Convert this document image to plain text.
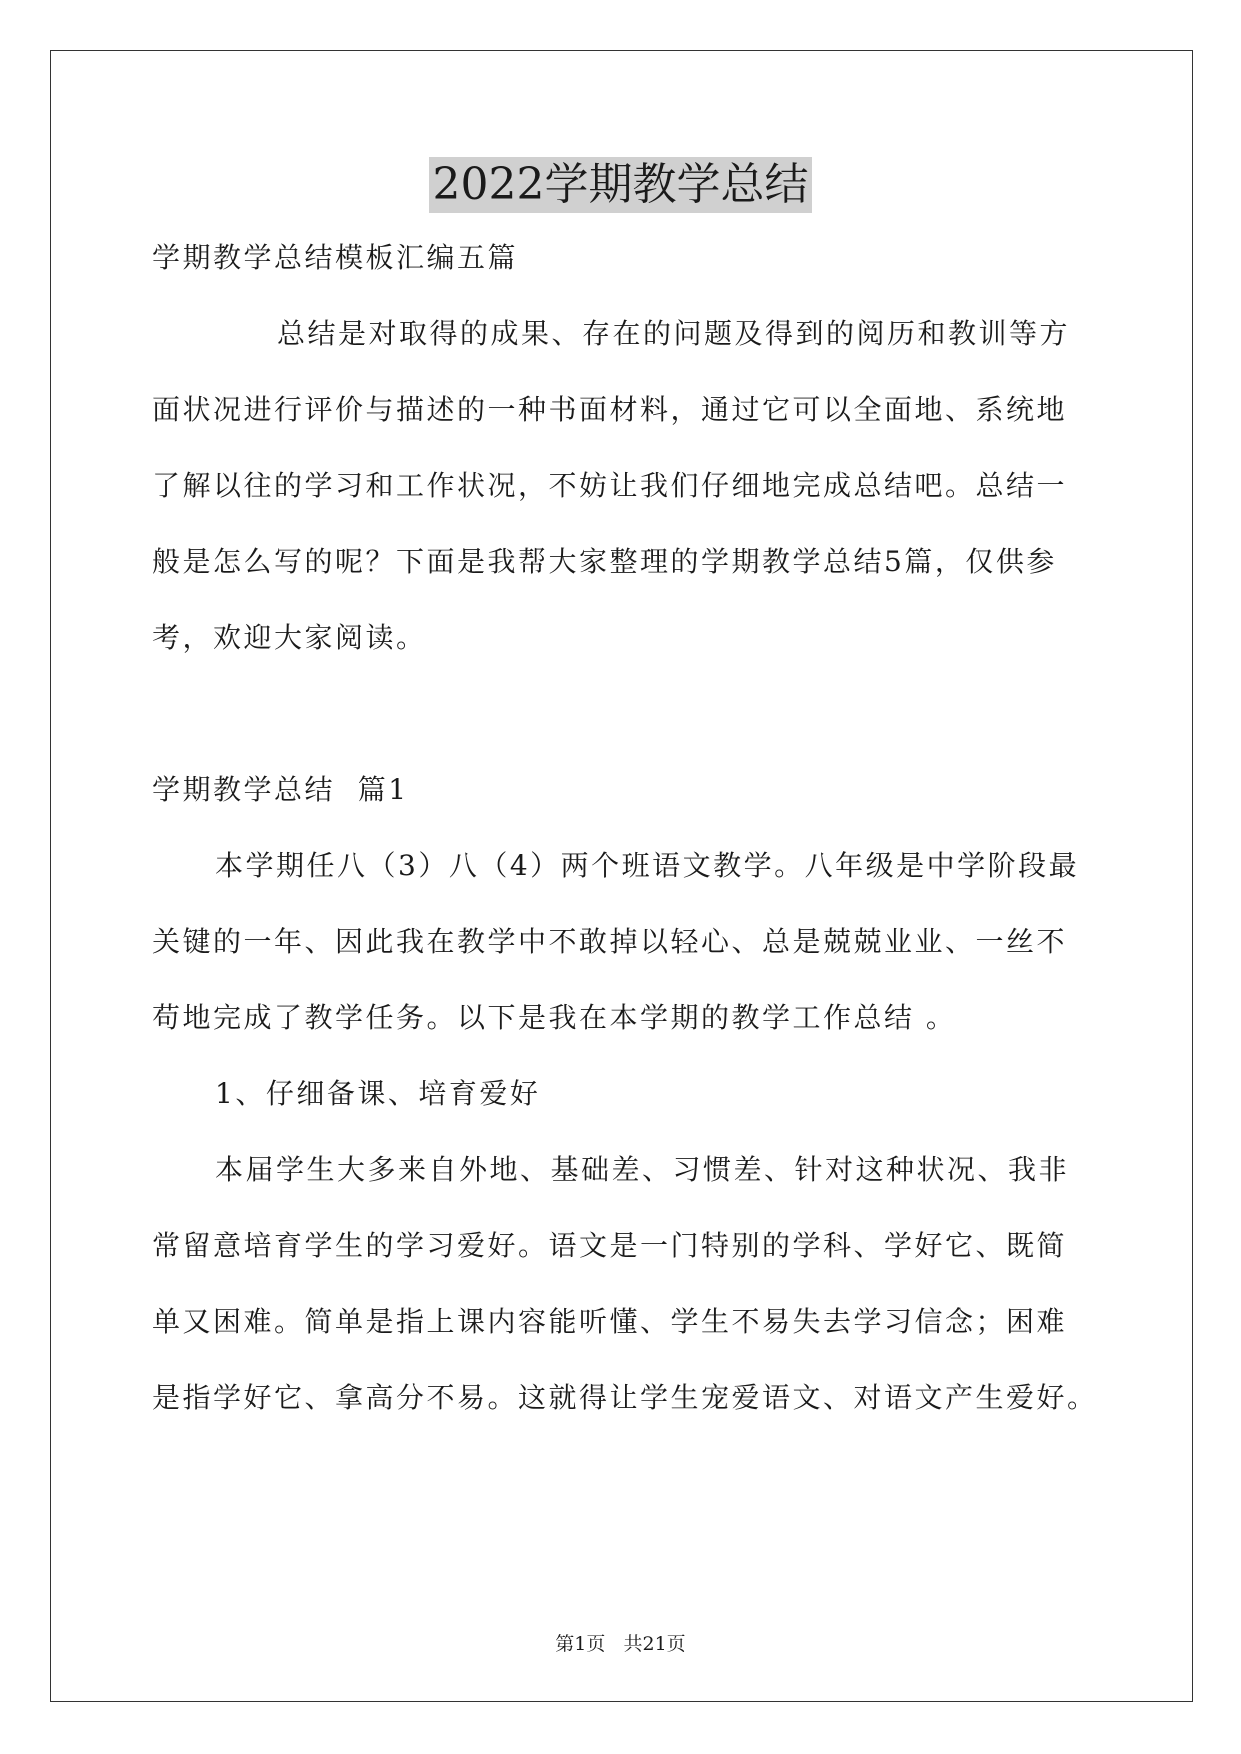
2022学期教学总结

学期教学总结模板汇编五篇

总结是对取得的成果、存在的问题及得到的阅历和教训等方

面状况进行评价与描述的一种书面材料，通过它可以全面地、系统地

了解以往的学习和工作状况，不妨让我们仔细地完成总结吧。总结一

般是怎么写的呢？下面是我帮大家整理的学期教学总结5篇，仅供参

考，欢迎大家阅读。

学期教学总结  篇1

本学期任八（3）八（4）两个班语文教学。八年级是中学阶段最

关键的一年、因此我在教学中不敢掉以轻心、总是兢兢业业、一丝不

苟地完成了教学任务。以下是我在本学期的教学工作总结 。

1、仔细备课、培育爱好

本届学生大多来自外地、基础差、习惯差、针对这种状况、我非

常留意培育学生的学习爱好。语文是一门特别的学科、学好它、既简

单又困难。简单是指上课内容能听懂、学生不易失去学习信念；困难

是指学好它、拿高分不易。这就得让学生宠爱语文、对语文产生爱好。

第1页   共21页
